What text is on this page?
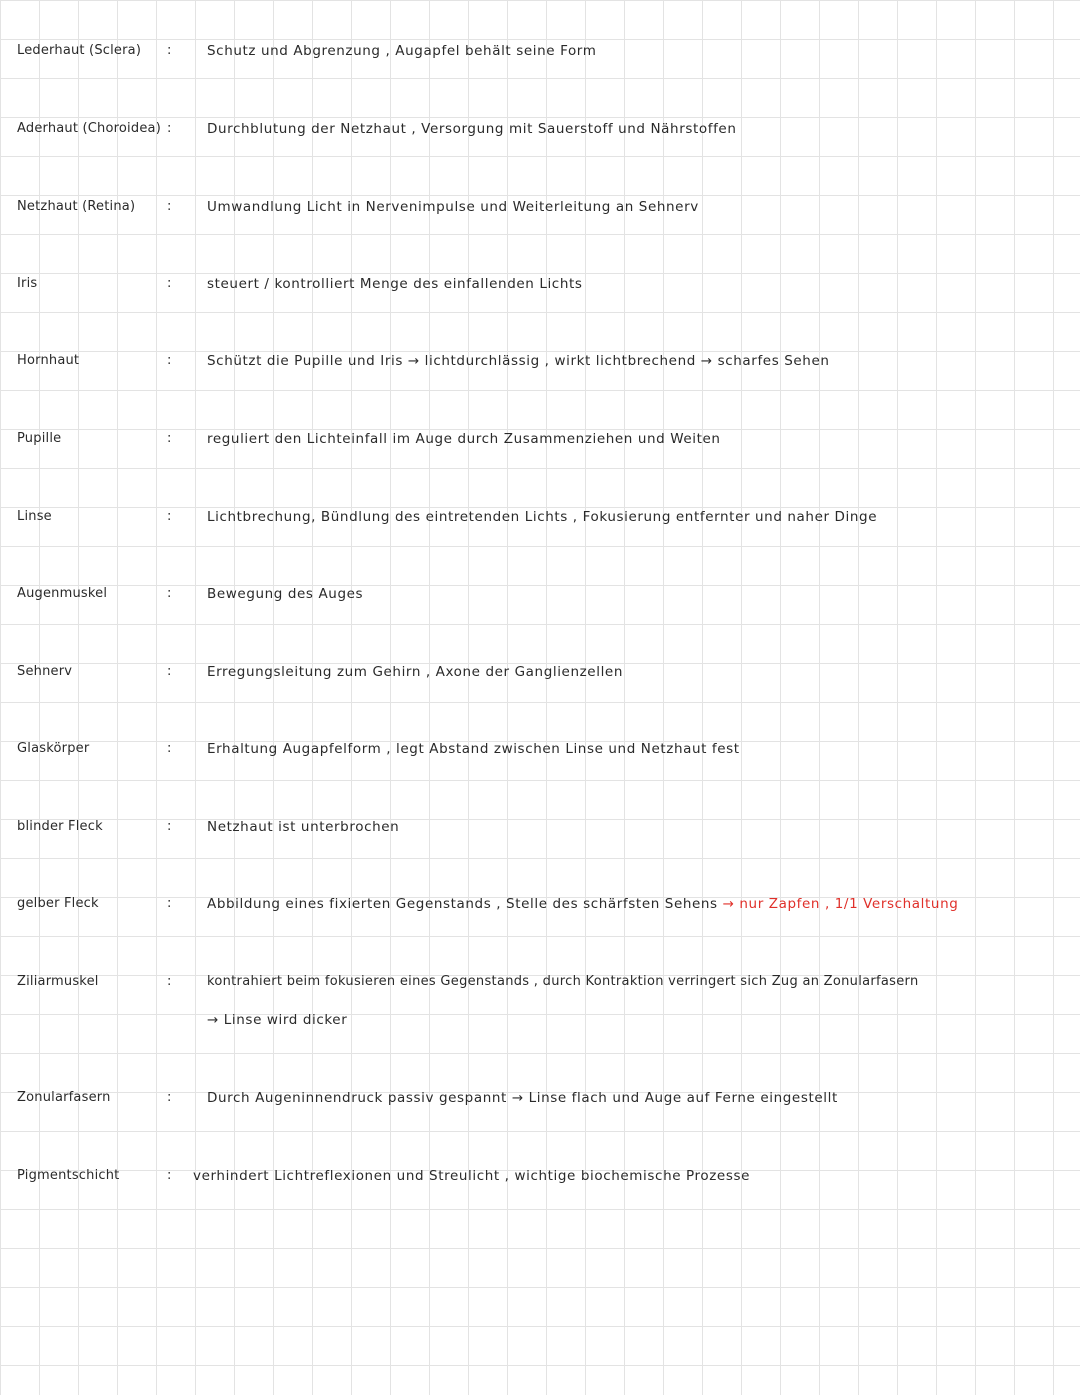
Lederhaut (Sclera)	:	Schutz und Abgrenzung , Augapfel behält seine Form
Aderhaut (Choroidea) :	Durchblutung der Netzhaut , Versorgung mit Sauerstoff und Nährstoffen
Netzhaut (Retina)	:	Umwandlung Licht in Nervenimpulse und Weiterleitung an Sehnerv
Iris	:	steuert / kontrolliert Menge des einfallenden Lichts
Hornhaut	:	Schützt die Pupille und Iris → lichtdurchlässig , wirkt lichtbrechend → scharfes Sehen
Pupille	:	reguliert den Lichteinfall im Auge durch Zusammenziehen und Weiten
Linse	:	Lichtbrechung, Bündlung des eintretenden Lichts , Fokusierung entfernter und naher Dinge
Augenmuskel	:	Bewegung des Auges
Sehnerv	:	Erregungsleitung zum Gehirn , Axone der Ganglienzellen
Glaskörper	:	Erhaltung Augapfelform , legt Abstand zwischen Linse und Netzhaut fest
blinder Fleck	:	Netzhaut ist unterbrochen
gelber Fleck	:	Abbildung eines fixierten Gegenstands , Stelle des schärfsten Sehens → nur Zapfen , 1/1 Verschaltung
Ziliarmuskel	:	kontrahiert beim fokusieren eines Gegenstands , durch Kontraktion verringert sich Zug an Zonularfasern
→ Linse wird dicker
Zonularfasern	:	Durch Augeninnendruck passiv gespannt → Linse flach und Auge auf Ferne eingestellt
Pigmentschicht	: verhindert Lichtreflexionen und Streulicht , wichtige biochemische Prozesse
